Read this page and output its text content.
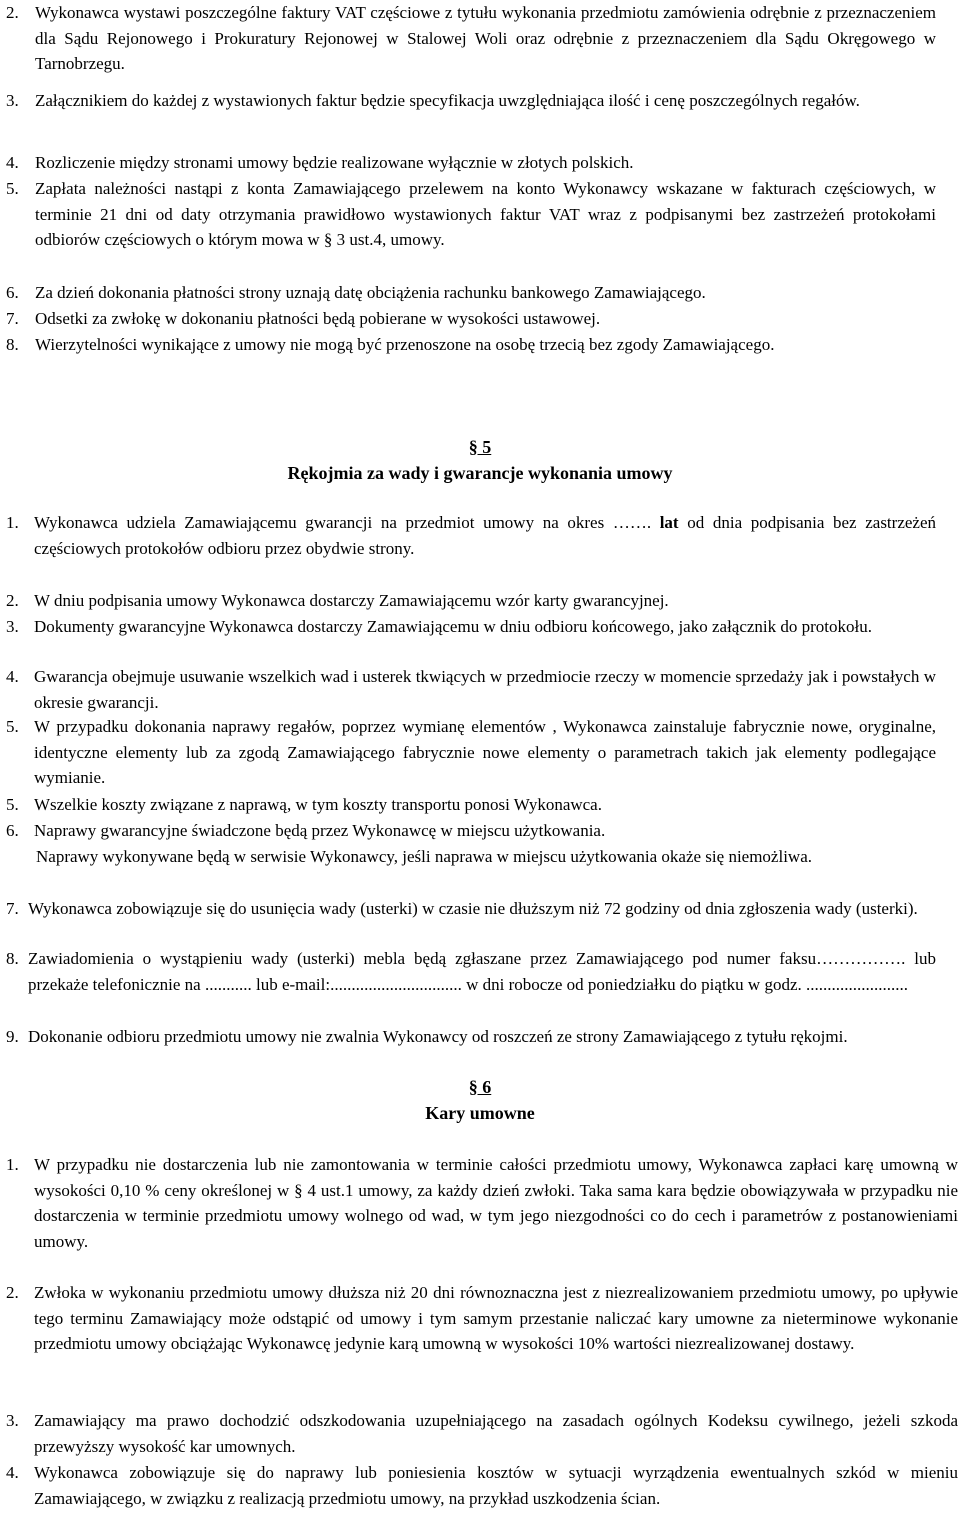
2. Wykonawca wystawi poszczególne faktury VAT częściowe z tytułu wykonania przedmiotu zamówienia odrębnie z przeznaczeniem dla Sądu Rejonowego i Prokuratury Rejonowej w Stalowej Woli oraz odrębnie z przeznaczeniem dla Sądu Okręgowego w Tarnobrzegu.
3. Załącznikiem do każdej z wystawionych faktur będzie specyfikacja uwzględniająca ilość i cenę poszczególnych regałów.
4. Rozliczenie między stronami umowy będzie realizowane wyłącznie w złotych polskich.
5. Zapłata należności nastąpi z konta Zamawiającego przelewem na konto Wykonawcy wskazane w fakturach częściowych, w terminie 21 dni od daty otrzymania prawidłowo wystawionych faktur VAT wraz z podpisanymi bez zastrzeżeń protokołami odbiorów częściowych o którym mowa w § 3 ust.4, umowy.
6. Za dzień dokonania płatności strony uznają datę obciążenia rachunku bankowego Zamawiającego.
7. Odsetki za zwłokę w dokonaniu płatności będą pobierane w wysokości ustawowej.
8. Wierzytelności wynikające z umowy nie mogą być przenoszone na osobę trzecią bez zgody Zamawiającego.
§ 5
Rękojmia za wady i gwarancje wykonania umowy
1. Wykonawca udziela Zamawiającemu gwarancji na przedmiot umowy na okres ……. lat od dnia podpisania bez zastrzeżeń częściowych protokołów odbioru przez obydwie strony.
2. W dniu podpisania umowy Wykonawca dostarczy Zamawiającemu wzór karty gwarancyjnej.
3. Dokumenty gwarancyjne Wykonawca dostarczy Zamawiającemu w dniu odbioru końcowego, jako załącznik do protokołu.
4. Gwarancja obejmuje usuwanie wszelkich wad i usterek tkwiących w przedmiocie rzeczy w momencie sprzedaży jak i powstałych w okresie gwarancji.
5. W przypadku dokonania naprawy regałów, poprzez wymianę elementów , Wykonawca zainstaluje fabrycznie nowe, oryginalne, identyczne elementy lub za zgodą Zamawiającego fabrycznie nowe elementy o parametrach takich jak elementy podlegające wymianie.
5. Wszelkie koszty związane z naprawą, w tym koszty transportu ponosi Wykonawca.
6. Naprawy gwarancyjne świadczone będą przez Wykonawcę w miejscu użytkowania.
Naprawy wykonywane będą w serwisie Wykonawcy, jeśli naprawa w miejscu użytkowania okaże się niemożliwa.
7. Wykonawca zobowiązuje się do usunięcia wady (usterki) w czasie nie dłuższym niż 72 godziny od dnia zgłoszenia wady (usterki).
8. Zawiadomienia o wystąpieniu wady (usterki) mebla będą zgłaszane przez Zamawiającego pod numer faksu……………. lub przekaże telefonicznie na ........... lub e-mail:............................... w dni robocze od poniedziałku do piątku w godz. ........................
9. Dokonanie odbioru przedmiotu umowy nie zwalnia Wykonawcy od roszczeń ze strony Zamawiającego z tytułu rękojmi.
§ 6
Kary umowne
1. W przypadku nie dostarczenia lub nie zamontowania w terminie całości przedmiotu umowy, Wykonawca zapłaci karę umowną w wysokości 0,10 % ceny określonej w § 4 ust.1 umowy, za każdy dzień zwłoki. Taka sama kara będzie obowiązywała w przypadku nie dostarczenia w terminie przedmiotu umowy wolnego od wad, w tym jego niezgodności co do cech i parametrów z postanowieniami umowy.
2. Zwłoka w wykonaniu przedmiotu umowy dłuższa niż 20 dni równoznaczna jest z niezrealizowaniem przedmiotu umowy, po upływie tego terminu Zamawiający może odstąpić od umowy i tym samym przestanie naliczać kary umowne za nieterminowe wykonanie przedmiotu umowy obciążając Wykonawcę jedynie karą umowną w wysokości 10% wartości niezrealizowanej dostawy.
3. Zamawiający ma prawo dochodzić odszkodowania uzupełniającego na zasadach ogólnych Kodeksu cywilnego, jeżeli szkoda przewyższy wysokość kar umownych.
4. Wykonawca zobowiązuje się do naprawy lub poniesienia kosztów w sytuacji wyrządzenia ewentualnych szkód w mieniu Zamawiającego, w związku z realizacją przedmiotu umowy, na przykład uszkodzenia ścian.
